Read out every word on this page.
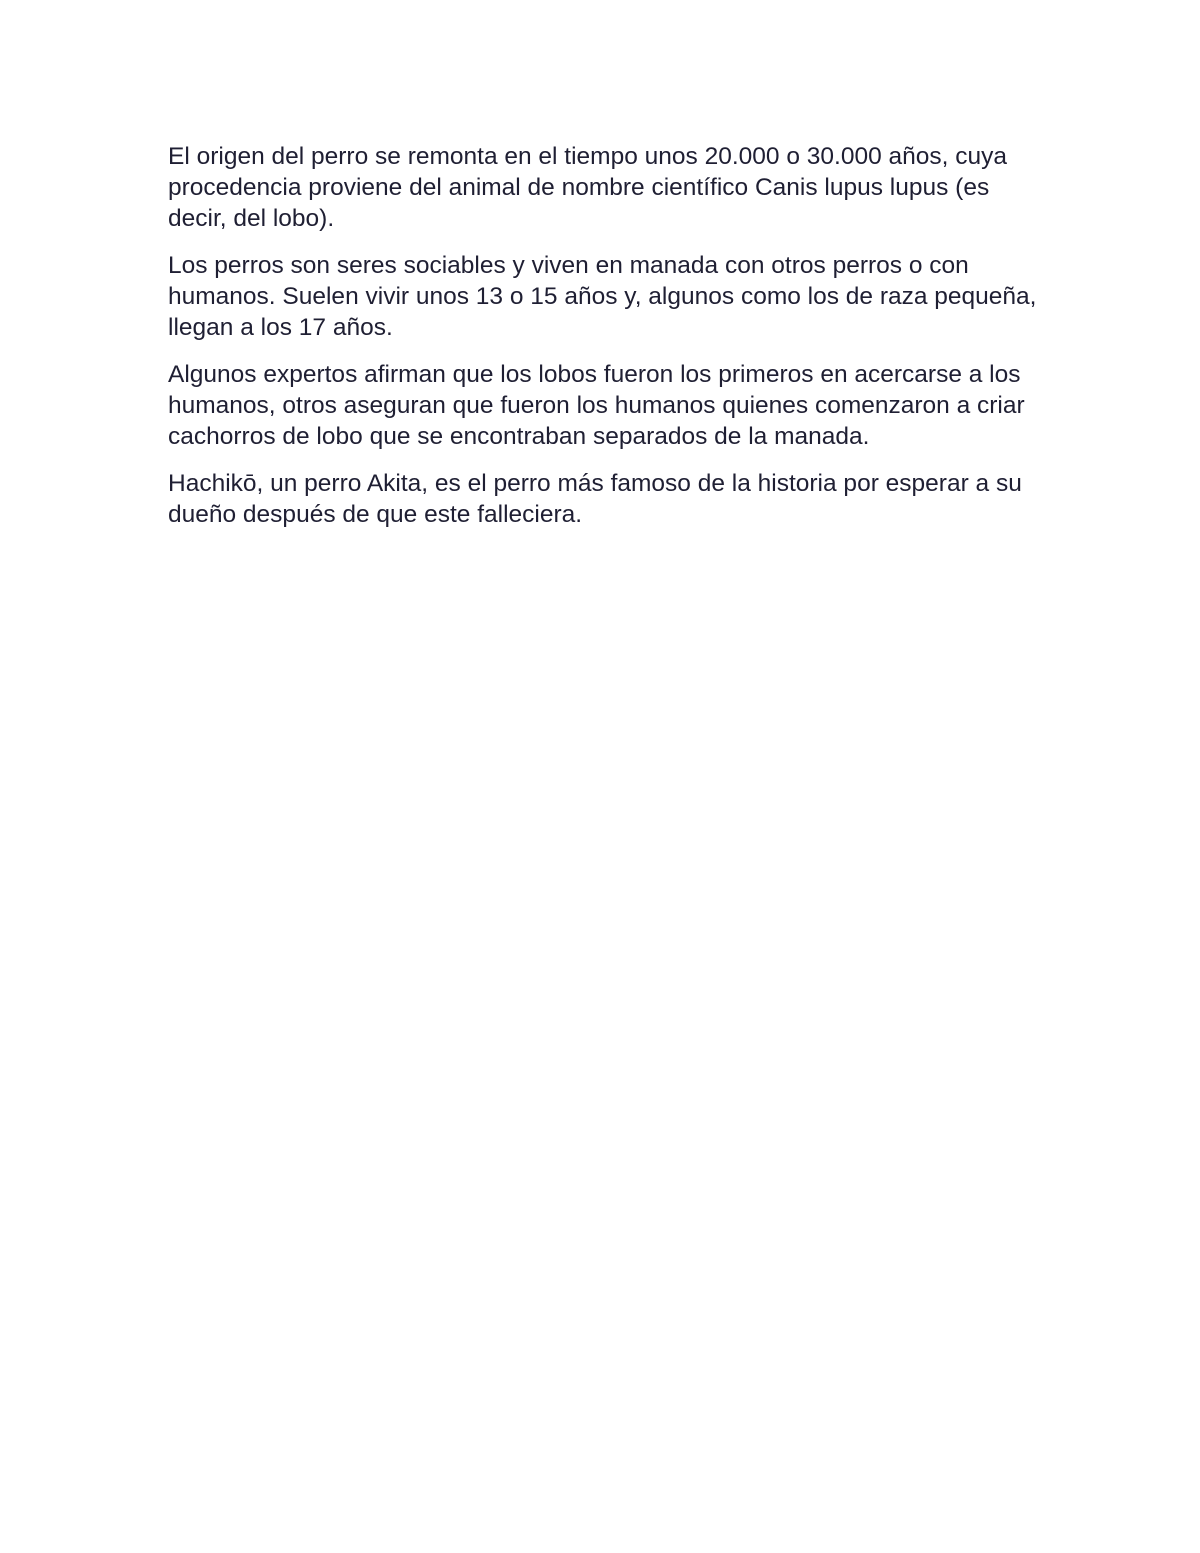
El origen del perro se remonta en el tiempo unos 20.000 o 30.000 años, cuya procedencia proviene del animal de nombre científico Canis lupus lupus (es decir, del lobo).

Los perros son seres sociables y viven en manada con otros perros o con humanos. Suelen vivir unos 13 o 15 años y, algunos como los de raza pequeña, llegan a los 17 años.

Algunos expertos afirman que los lobos fueron los primeros en acercarse a los humanos, otros aseguran que fueron los humanos quienes comenzaron a criar cachorros de lobo que se encontraban separados de la manada.

Hachikō, un perro Akita, es el perro más famoso de la historia por esperar a su dueño después de que este falleciera.
